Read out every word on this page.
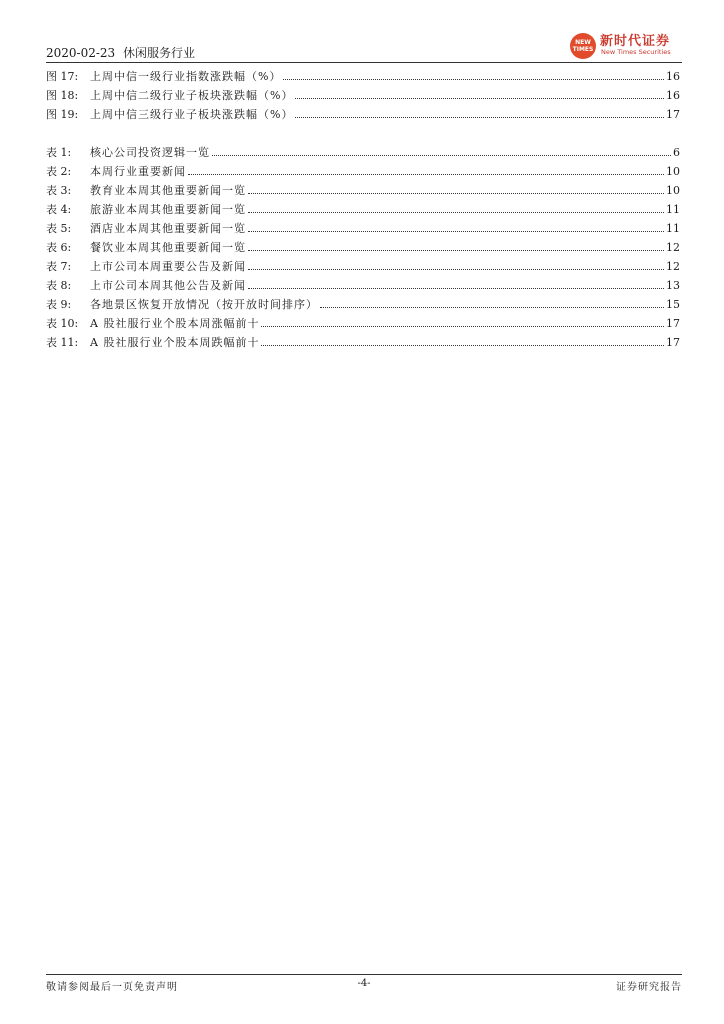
2020-02-23 休闲服务行业
NEW
TIMES
新时代证券
New Times Securities
图 17:	上周中信一级行业指数涨跌幅（%）	16
图 18:	上周中信二级行业子板块涨跌幅（%）	16
图 19:	上周中信三级行业子板块涨跌幅（%）	17
表 1:	核心公司投资逻辑一览	6
表 2:	本周行业重要新闻	10
表 3:	教育业本周其他重要新闻一览	10
表 4:	旅游业本周其他重要新闻一览	11
表 5:	酒店业本周其他重要新闻一览	11
表 6:	餐饮业本周其他重要新闻一览	12
表 7:	上市公司本周重要公告及新闻	12
表 8:	上市公司本周其他公告及新闻	13
表 9:	各地景区恢复开放情况（按开放时间排序）	15
表 10:	A 股社服行业个股本周涨幅前十	17
表 11:	A 股社服行业个股本周跌幅前十	17
敬请参阅最后一页免责声明	-4-	证券研究报告
